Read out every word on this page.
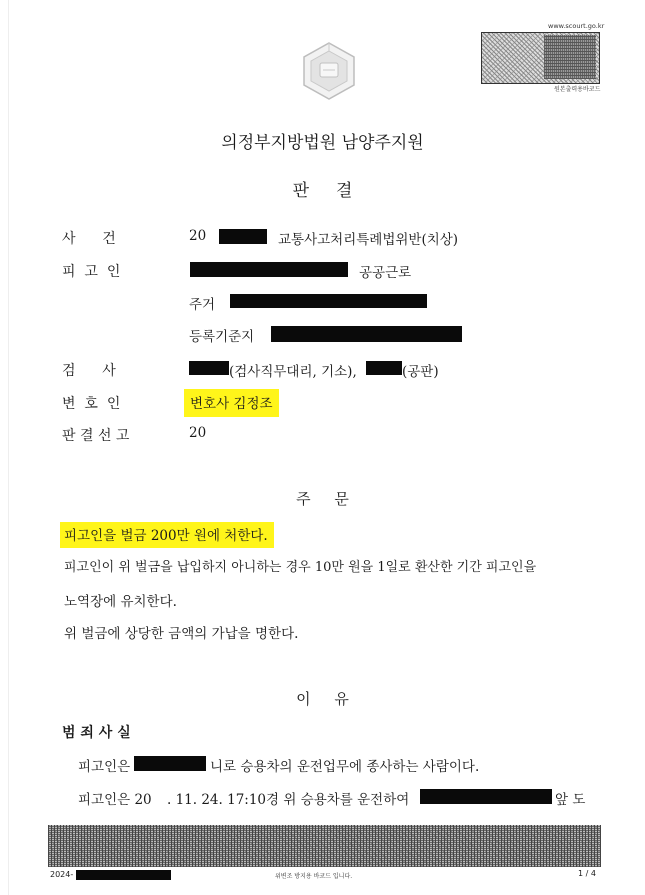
www.scourt.go.kr
원본출력용바코드
의정부지방법원 남양주지원
판     결
사      건	20	교통사고처리특례법위반(치상)
피  고  인	공공근로
주거
등록기준지
검      사	(검사직무대리, 기소),	(공판)
변  호  인	변호사 김정조
판 결 선 고	20
주     문
피고인을 벌금 200만 원에 처한다.
피고인이 위 벌금을 납입하지 아니하는 경우 10만 원을 1일로 환산한 기간 피고인을
노역장에 유치한다.
위 벌금에 상당한 금액의 가납을 명한다.
이     유
범 죄 사 실
피고인은	니로 승용차의 운전업무에 종사하는 사람이다.
피고인은 20 . 11. 24. 17:10경 위 승용차를 운전하여	앞 도
2024-	위변조 방지용 바코드 입니다.	1 / 4
